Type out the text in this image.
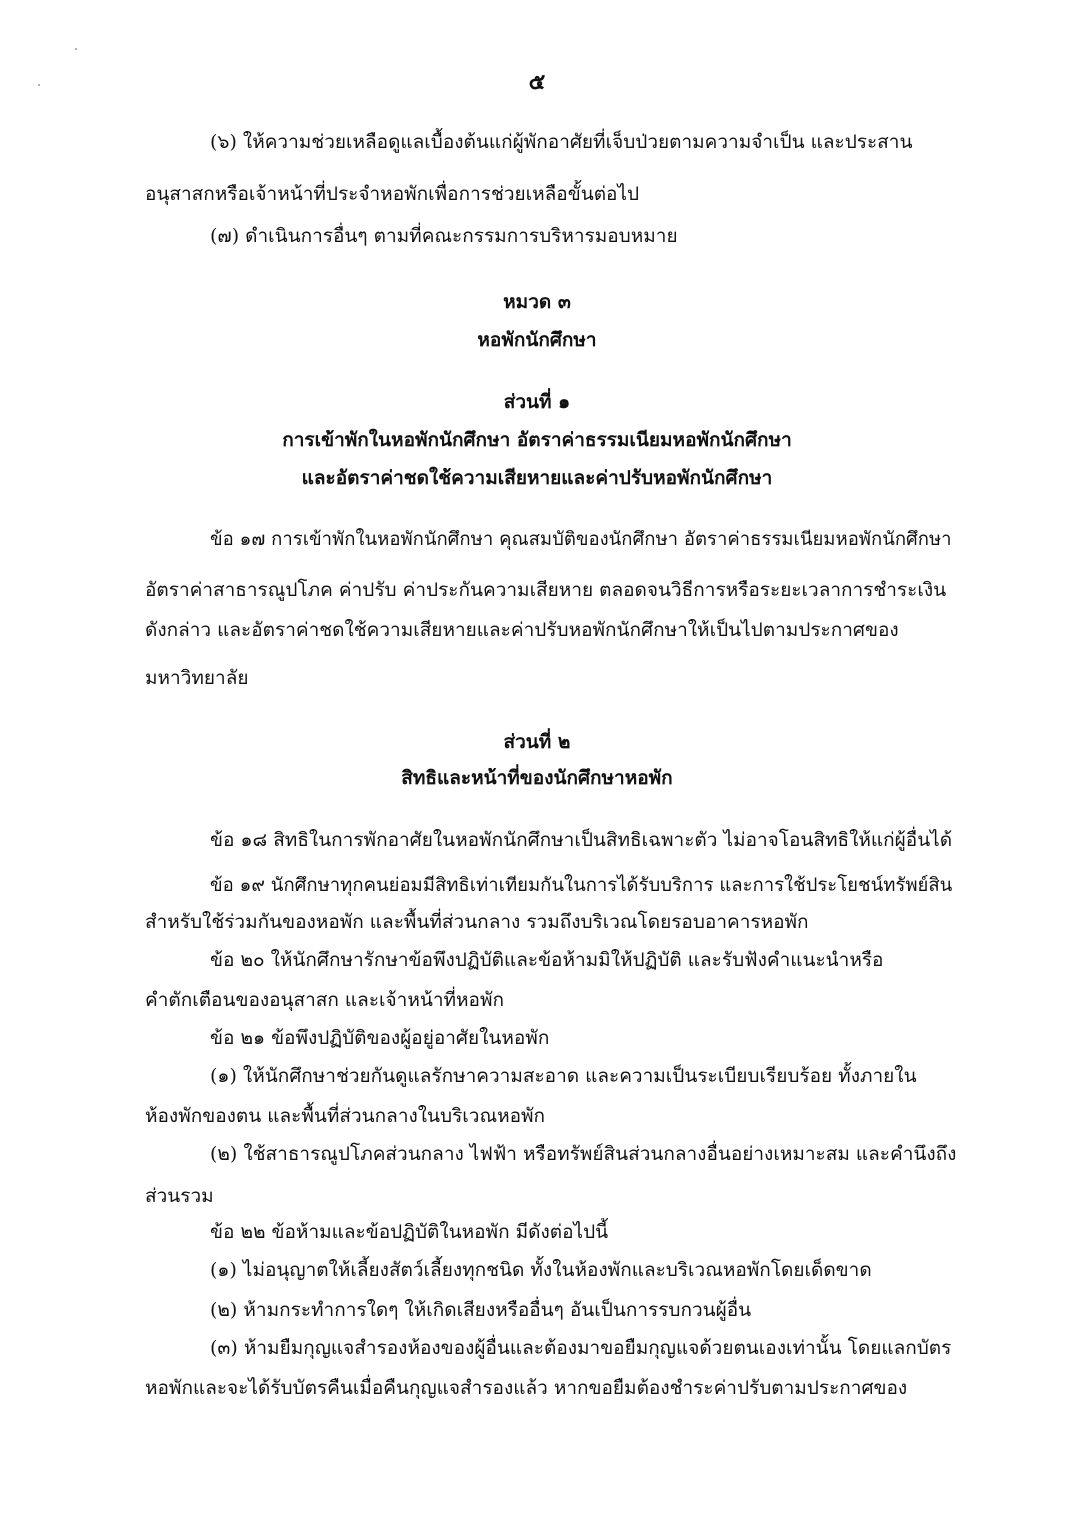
๕
(๖) ให้ความช่วยเหลือดูแลเบื้องต้นแก่ผู้พักอาศัยที่เจ็บป่วยตามความจำเป็น และประสาน
อนุสาสกหรือเจ้าหน้าที่ประจำหอพักเพื่อการช่วยเหลือขั้นต่อไป
(๗) ดำเนินการอื่นๆ ตามที่คณะกรรมการบริหารมอบหมาย
หมวด ๓
หอพักนักศึกษา
ส่วนที่ ๑
การเข้าพักในหอพักนักศึกษา อัตราค่าธรรมเนียมหอพักนักศึกษา
และอัตราค่าชดใช้ความเสียหายและค่าปรับหอพักนักศึกษา
ข้อ ๑๗ การเข้าพักในหอพักนักศึกษา คุณสมบัติของนักศึกษา อัตราค่าธรรมเนียมหอพักนักศึกษา
อัตราค่าสาธารณูปโภค ค่าปรับ ค่าประกันความเสียหาย ตลอดจนวิธีการหรือระยะเวลาการชำระเงิน
ดังกล่าว และอัตราค่าชดใช้ความเสียหายและค่าปรับหอพักนักศึกษาให้เป็นไปตามประกาศของ
มหาวิทยาลัย
ส่วนที่ ๒
สิทธิและหน้าที่ของนักศึกษาหอพัก
ข้อ ๑๘ สิทธิในการพักอาศัยในหอพักนักศึกษาเป็นสิทธิเฉพาะตัว ไม่อาจโอนสิทธิให้แก่ผู้อื่นได้
ข้อ ๑๙ นักศึกษาทุกคนย่อมมีสิทธิเท่าเทียมกันในการได้รับบริการ และการใช้ประโยชน์ทรัพย์สิน
สำหรับใช้ร่วมกันของหอพัก และพื้นที่ส่วนกลาง รวมถึงบริเวณโดยรอบอาคารหอพัก
ข้อ ๒๐ ให้นักศึกษารักษาข้อพึงปฏิบัติและข้อห้ามมิให้ปฏิบัติ และรับฟังคำแนะนำหรือ
คำตักเตือนของอนุสาสก และเจ้าหน้าที่หอพัก
ข้อ ๒๑ ข้อพึงปฏิบัติของผู้อยู่อาศัยในหอพัก
(๑) ให้นักศึกษาช่วยกันดูแลรักษาความสะอาด และความเป็นระเบียบเรียบร้อย ทั้งภายใน
ห้องพักของตน และพื้นที่ส่วนกลางในบริเวณหอพัก
(๒) ใช้สาธารณูปโภคส่วนกลาง ไฟฟ้า หรือทรัพย์สินส่วนกลางอื่นอย่างเหมาะสม และคำนึงถึง
ส่วนรวม
ข้อ ๒๒ ข้อห้ามและข้อปฏิบัติในหอพัก มีดังต่อไปนี้
(๑) ไม่อนุญาตให้เลี้ยงสัตว์เลี้ยงทุกชนิด ทั้งในห้องพักและบริเวณหอพักโดยเด็ดขาด
(๒) ห้ามกระทำการใดๆ ให้เกิดเสียงหรืออื่นๆ อันเป็นการรบกวนผู้อื่น
(๓) ห้ามยืมกุญแจสำรองห้องของผู้อื่นและต้องมาขอยืมกุญแจด้วยตนเองเท่านั้น โดยแลกบัตร
หอพักและจะได้รับบัตรคืนเมื่อคืนกุญแจสำรองแล้ว หากขอยืมต้องชำระค่าปรับตามประกาศของ
